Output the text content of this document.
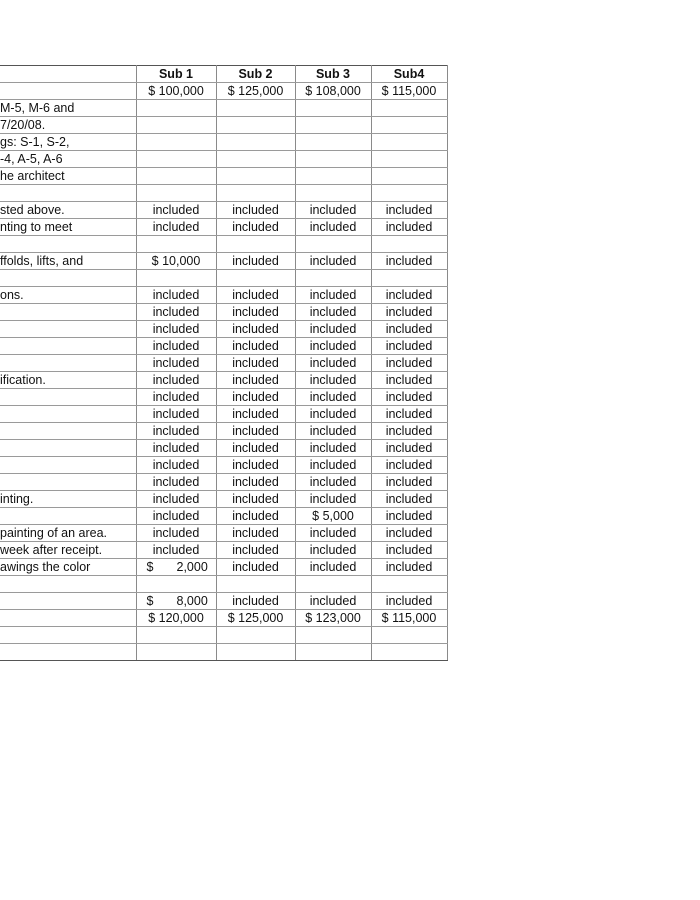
	Sub 1	Sub 2	Sub 3	Sub4
	$ 100,000	$ 125,000	$ 108,000	$ 115,000
M-5, M-6 and				
7/20/08.				
gs: S-1, S-2,				
-4, A-5, A-6				
he architect				

sted above.	included	included	included	included
nting to meet	included	included	included	included

ffolds, lifts, and	$ 10,000	included	included	included

ons.	included	included	included	included
	included	included	included	included
	included	included	included	included
	included	included	included	included
	included	included	included	included
ification.	included	included	included	included
	included	included	included	included
	included	included	included	included
	included	included	included	included
	included	included	included	included
	included	included	included	included
	included	included	included	included
inting.	included	included	included	included
	included	included	$ 5,000	included
painting of an area.	included	included	included	included
week after receipt.	included	included	included	included
awings the color	$ 2,000	included	included	included

	$ 8,000	included	included	included
	$ 120,000	$ 125,000	$ 123,000	$ 115,000
